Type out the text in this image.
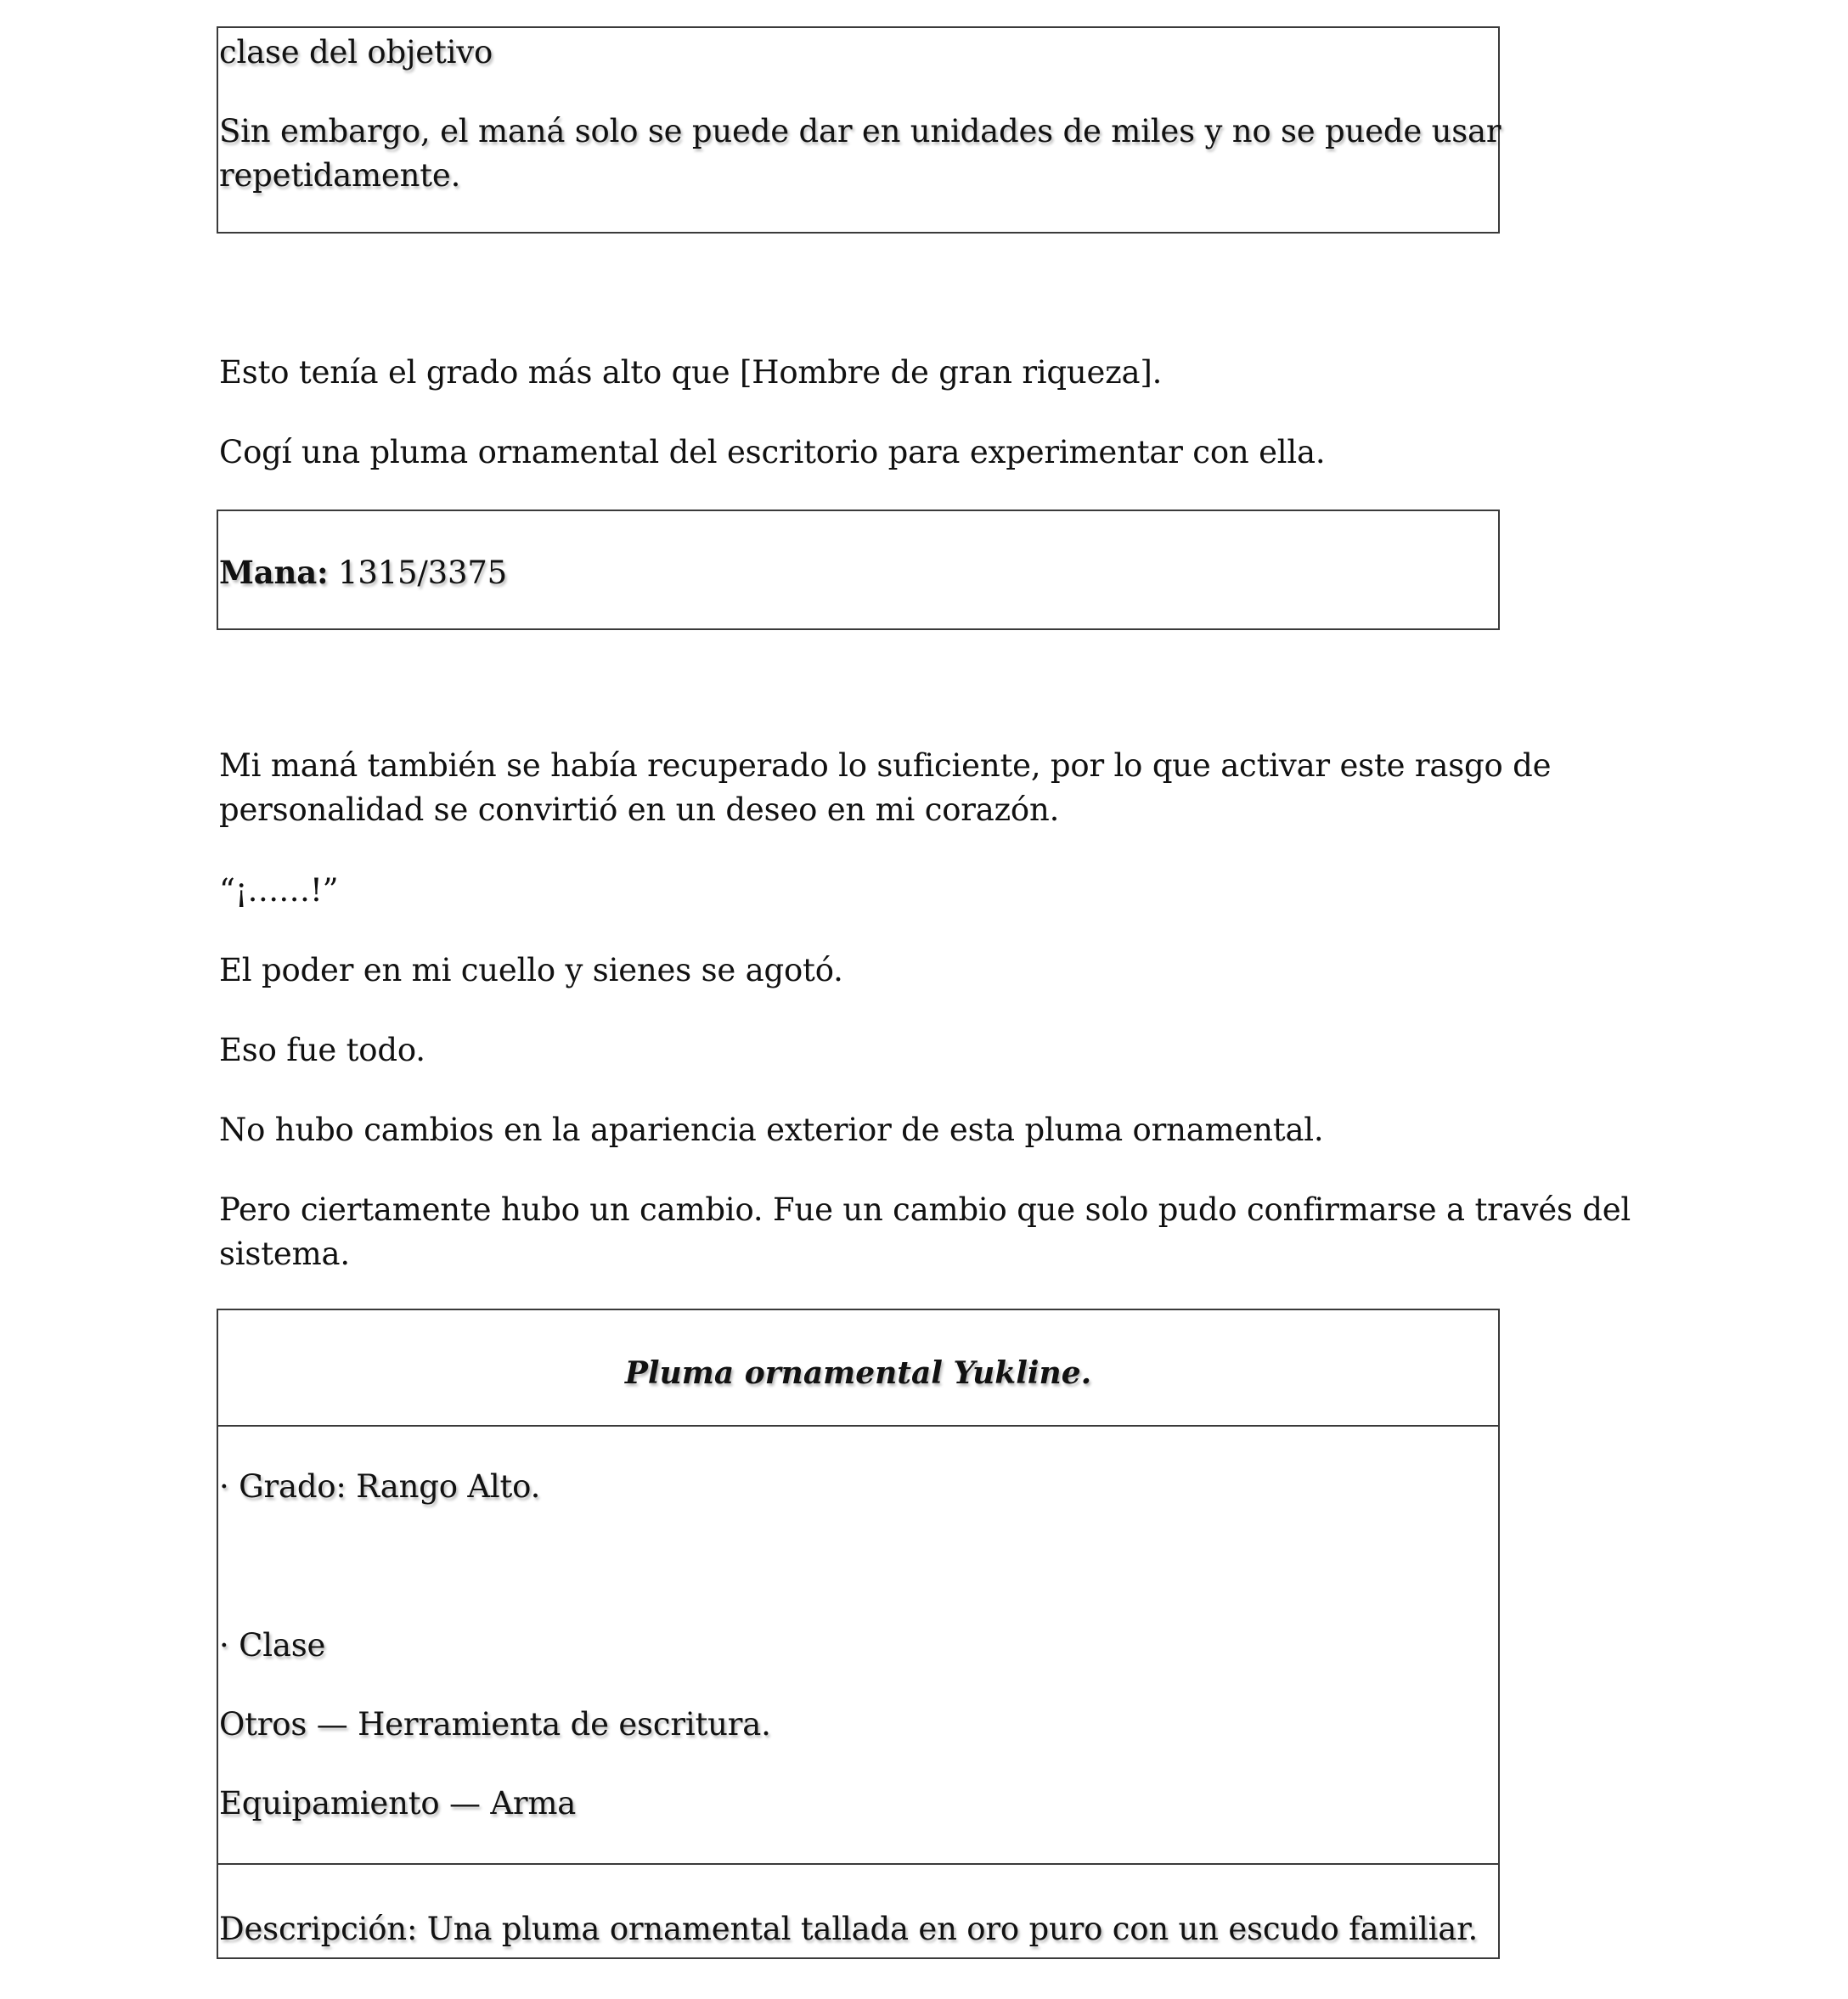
clase del objetivo
Sin embargo, el maná solo se puede dar en unidades de miles y no se puede usar
repetidamente.
Esto tenía el grado más alto que [Hombre de gran riqueza].
Cogí una pluma ornamental del escritorio para experimentar con ella.
Mana: 1315/3375
Mi maná también se había recuperado lo suficiente, por lo que activar este rasgo de
personalidad se convirtió en un deseo en mi corazón.
“¡……!”
El poder en mi cuello y sienes se agotó.
Eso fue todo.
No hubo cambios en la apariencia exterior de esta pluma ornamental.
Pero ciertamente hubo un cambio. Fue un cambio que solo pudo confirmarse a través del
sistema.
Pluma ornamental Yukline.
· Grado: Rango Alto.
· Clase
Otros — Herramienta de escritura.
Equipamiento — Arma
Descripción: Una pluma ornamental tallada en oro puro con un escudo familiar.
